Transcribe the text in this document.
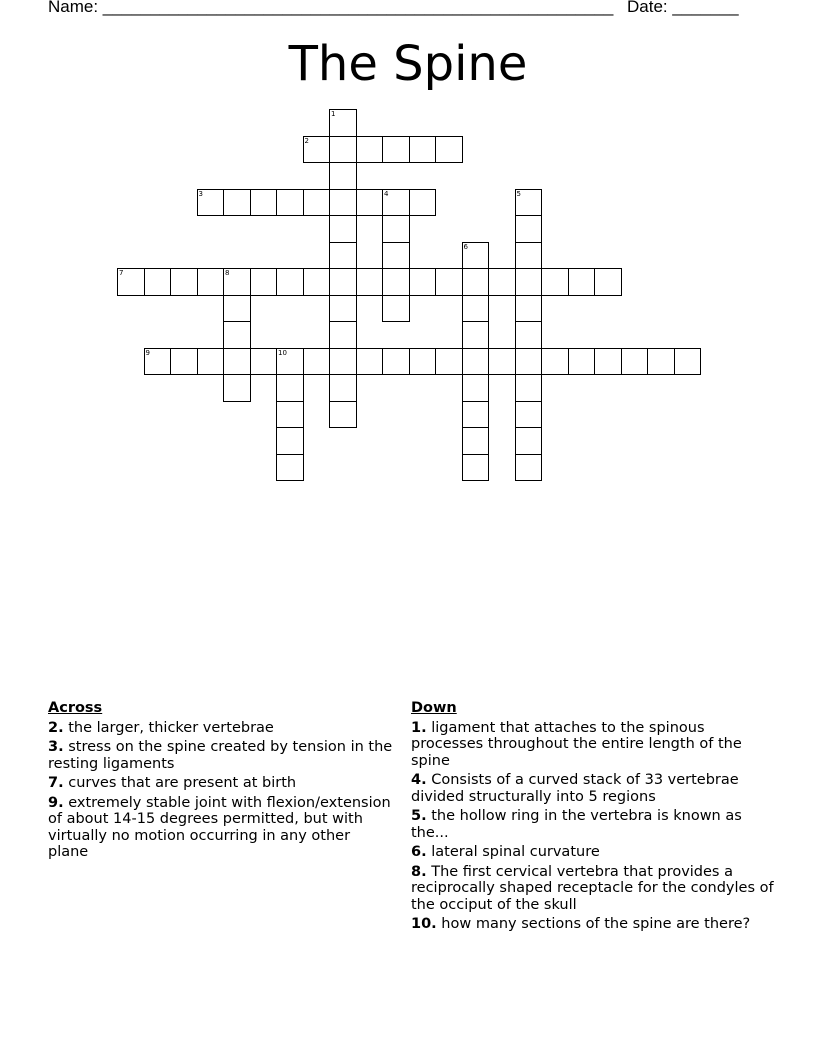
Name: ______________________________________________________ Date: _______
The Spine
1
2
3	4	5
6
7	8
9	10
Across
2. the larger, thicker vertebrae
3. stress on the spine created by tension in the resting ligaments
7. curves that are present at birth
9. extremely stable joint with flexion/extension of about 14-15 degrees permitted, but with virtually no motion occurring in any other plane
Down
1. ligament that attaches to the spinous processes throughout the entire length of the spine
4. Consists of a curved stack of 33 vertebrae divided structurally into 5 regions
5. the hollow ring in the vertebra is known as the...
6. lateral spinal curvature
8. The first cervical vertebra that provides a reciprocally shaped receptacle for the condyles of the occiput of the skull
10. how many sections of the spine are there?
